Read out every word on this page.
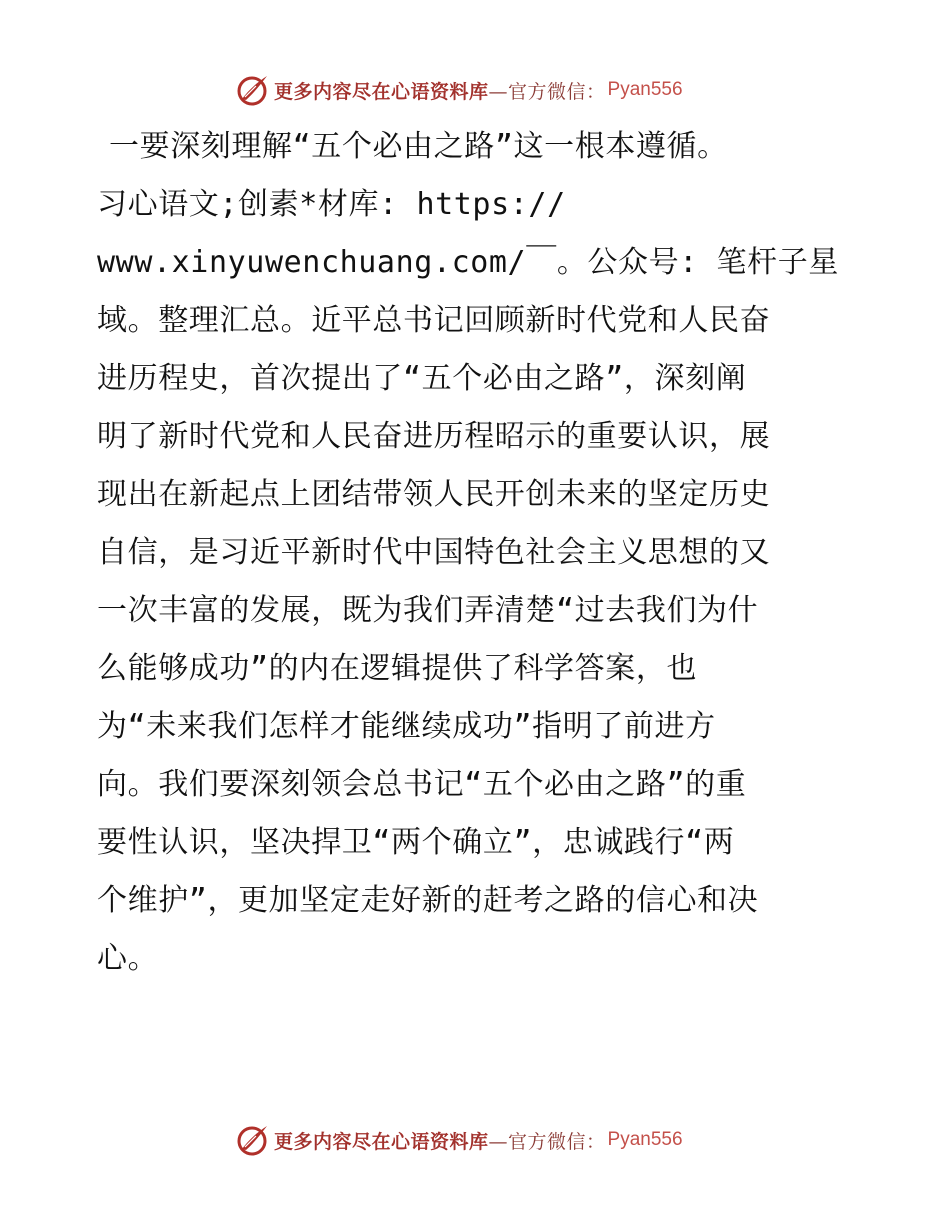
更多内容尽在心语资料库—官方微信： Pyan556
一要深刻理解“五个必由之路”这一根本遵循。
习心语文;创素*材库: https://
www.xinyuwenchuang.com/￣。公众号: 笔杆子星
域。整理汇总。近平总书记回顾新时代党和人民奋
进历程史，首次提出了“五个必由之路”，深刻阐
明了新时代党和人民奋进历程昭示的重要认识，展
现出在新起点上团结带领人民开创未来的坚定历史
自信，是习近平新时代中国特色社会主义思想的又
一次丰富的发展，既为我们弄清楚“过去我们为什
么能够成功”的内在逻辑提供了科学答案，也
为“未来我们怎样才能继续成功”指明了前进方
向。我们要深刻领会总书记“五个必由之路”的重
要性认识，坚决捍卫“两个确立”，忠诚践行“两
个维护”，更加坚定走好新的赶考之路的信心和决
心。
更多内容尽在心语资料库—官方微信： Pyan556
